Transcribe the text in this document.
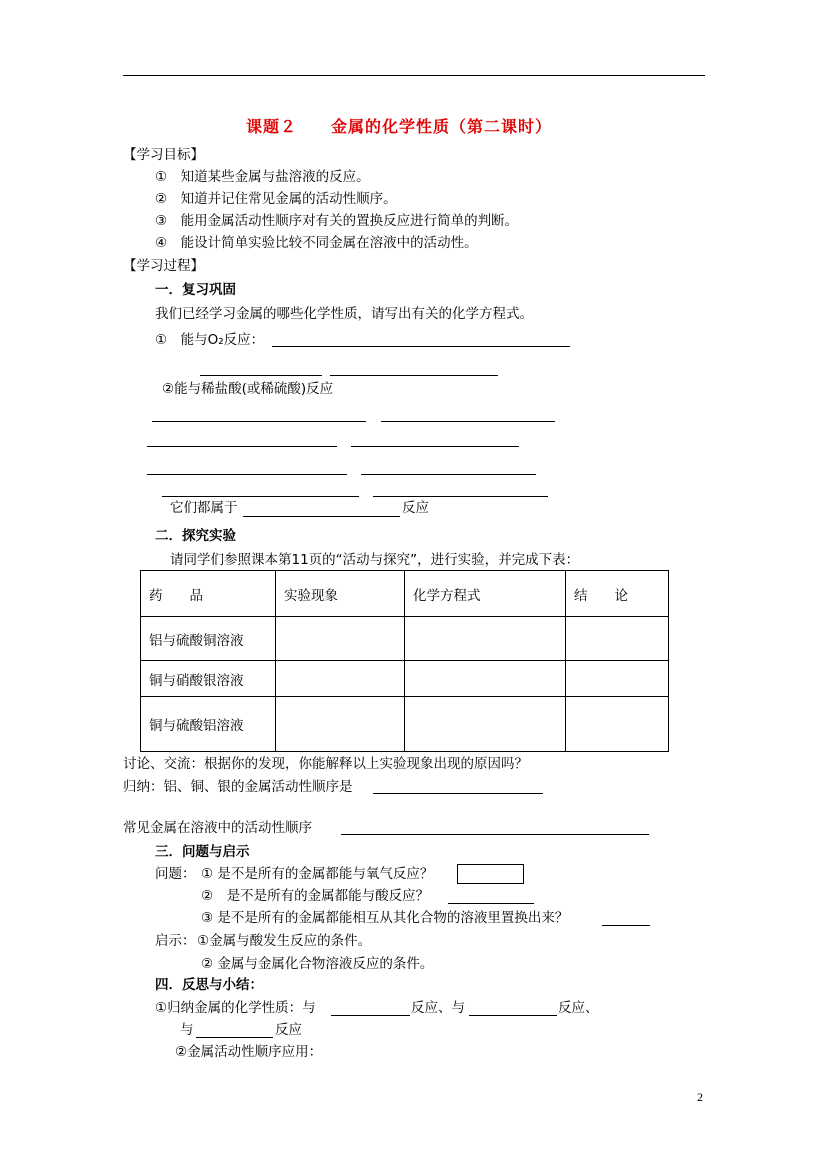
课题２　　金属的化学性质（第二课时）
【学习目标】
①　知道某些金属与盐溶液的反应。
②　知道并记住常见金属的活动性顺序。
③　能用金属活动性顺序对有关的置换反应进行简单的判断。
④　能设计简单实验比较不同金属在溶液中的活动性。
【学习过程】
一．复习巩固
我们已经学习金属的哪些化学性质，请写出有关的化学方程式。
①　能与O₂反应：
②能与稀盐酸(或稀硫酸)反应
它们都属于	反应
二．探究实验
请同学们参照课本第11页的“活动与探究”，进行实验，并完成下表：
药　　品	实验现象	化学方程式	结　　论
铝与硫酸铜溶液			
铜与硝酸银溶液			
铜与硫酸铝溶液			
讨论、交流：根据你的发现，你能解释以上实验现象出现的原因吗？
归纳：铝、铜、银的金属活动性顺序是
常见金属在溶液中的活动性顺序
三．问题与启示
问题： ① 是不是所有的金属都能与氧气反应？
②　是不是所有的金属都能与酸反应？
③ 是不是所有的金属都能相互从其化合物的溶液里置换出来？
启示： ①金属与酸发生反应的条件。
② 金属与金属化合物溶液反应的条件。
四．反思与小结：
①归纳金属的化学性质：与	反应、与	反应、
与	反应
②金属活动性顺序应用：
2
